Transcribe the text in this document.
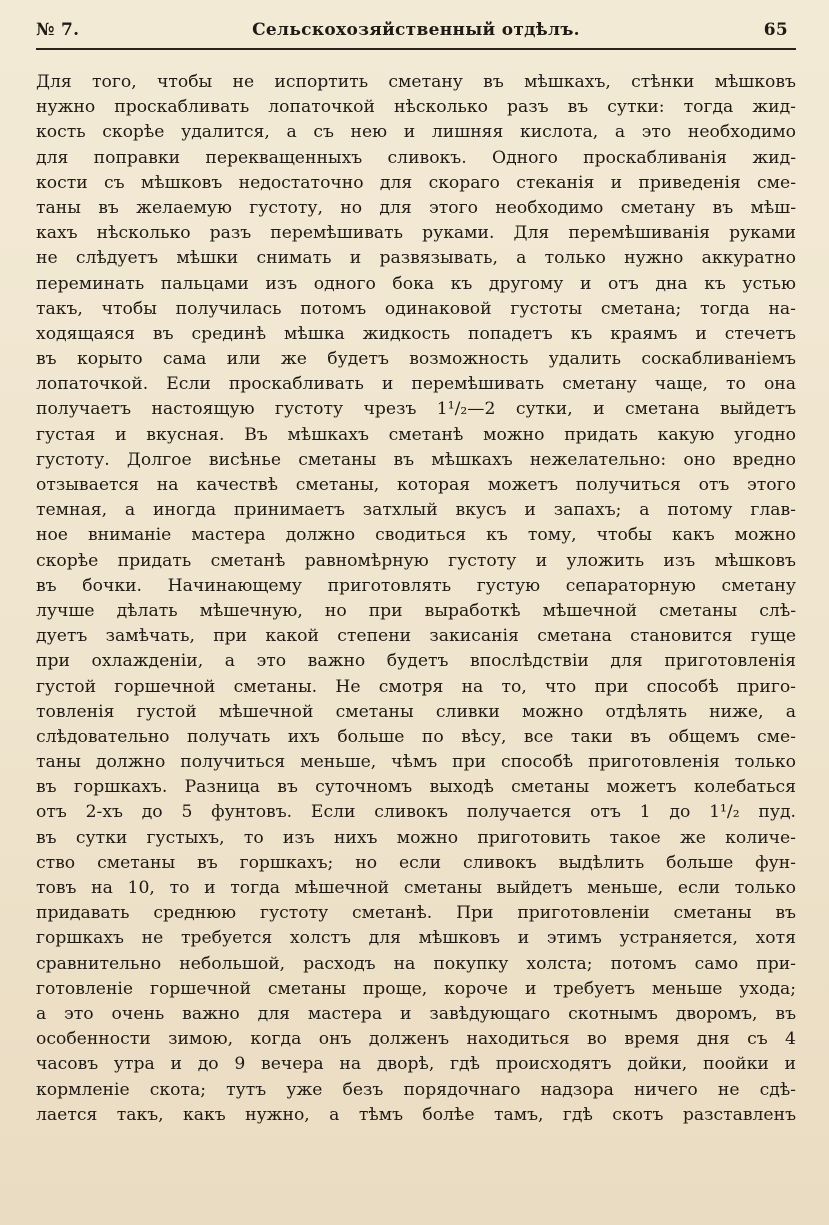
№ 7.	Сельскохозяйственный отдѣлъ.	65
Для того, чтобы не испортить сметану въ мѣшкахъ, стѣнки мѣшковъ
нужно проскабливать лопаточкой нѣсколько разъ въ сутки: тогда жид-
кость скорѣе удалится, а съ нею и лишняя кислота, а это необходимо
для поправки перекващенныхъ сливокъ. Одного проскабливанія жид-
кости съ мѣшковъ недостаточно для скораго стеканія и приведенія сме-
таны въ желаемую густоту, но для этого необходимо сметану въ мѣш-
кахъ нѣсколько разъ перемѣшивать руками. Для перемѣшиванія руками
не слѣдуетъ мѣшки снимать и развязывать, а только нужно аккуратно
переминать пальцами изъ одного бока къ другому и отъ дна къ устью
такъ, чтобы получилась потомъ одинаковой густоты сметана; тогда на-
ходящаяся въ срединѣ мѣшка жидкость попадетъ къ краямъ и стечетъ
въ корыто сама или же будетъ возможность удалить соскабливаніемъ
лопаточкой. Если проскабливать и перемѣшивать сметану чаще, то она
получаетъ настоящую густоту чрезъ 1¹/₂—2 сутки, и сметана выйдетъ
густая и вкусная. Въ мѣшкахъ сметанѣ можно придать какую угодно
густоту. Долгое висѣнье сметаны въ мѣшкахъ нежелательно: оно вредно
отзывается на качествѣ сметаны, которая можетъ получиться отъ этого
темная, а иногда принимаетъ затхлый вкусъ и запахъ; а потому глав-
ное вниманіе мастера должно сводиться къ тому, чтобы какъ можно
скорѣе придать сметанѣ равномѣрную густоту и уложить изъ мѣшковъ
въ бочки. Начинающему приготовлять густую сепараторную сметану
лучше дѣлать мѣшечную, но при выработкѣ мѣшечной сметаны слѣ-
дуетъ замѣчать, при какой степени закисанія сметана становится гуще
при охлажденіи, а это важно будетъ впослѣдствіи для приготовленія
густой горшечной сметаны. Не смотря на то, что при способѣ приго-
товленія густой мѣшечной сметаны сливки можно отдѣлять ниже, а
слѣдовательно получать ихъ больше по вѣсу, все таки въ общемъ сме-
таны должно получиться меньше, чѣмъ при способѣ приготовленія только
въ горшкахъ. Разница въ суточномъ выходѣ сметаны можетъ колебаться
отъ 2-хъ до 5 фунтовъ. Если сливокъ получается отъ 1 до 1¹/₂ пуд.
въ сутки густыхъ, то изъ нихъ можно приготовить такое же количе-
ство сметаны въ горшкахъ; но если сливокъ выдѣлить больше фун-
товъ на 10, то и тогда мѣшечной сметаны выйдетъ меньше, если только
придавать среднюю густоту сметанѣ. При приготовленіи сметаны въ
горшкахъ не требуется холстъ для мѣшковъ и этимъ устраняется, хотя
сравнительно небольшой, расходъ на покупку холста; потомъ само при-
готовленіе горшечной сметаны проще, короче и требуетъ меньше ухода;
а это очень важно для мастера и завѣдующаго скотнымъ дворомъ, въ
особенности зимою, когда онъ долженъ находиться во время дня съ 4
часовъ утра и до 9 вечера на дворѣ, гдѣ происходятъ дойки, поойки и
кормленіе скота; тутъ уже безъ порядочнаго надзора ничего не сдѣ-
лается такъ, какъ нужно, а тѣмъ болѣе тамъ, гдѣ скотъ разставленъ
